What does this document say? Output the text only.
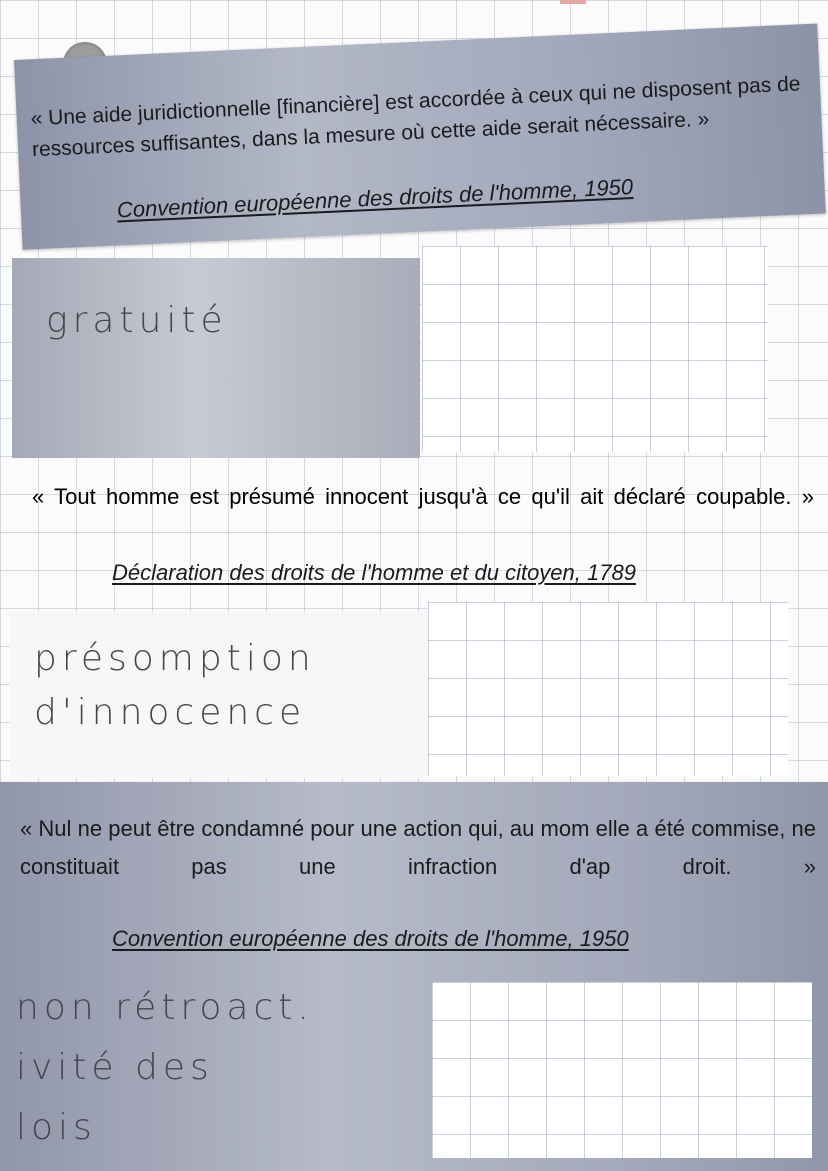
« Une aide juridictionnelle [financière] est accordée à ceux qui ne disposent pas de ressources suffisantes, dans la mesure où cette aide serait nécessaire. »

Convention européenne des droits de l'homme, 1950

gratuité

« Tout homme est présumé innocent jusqu'à ce qu'il ait déclaré coupable. »

Déclaration des droits de l'homme et du citoyen, 1789

présomption
d'innocence

« Nul ne peut être condamné pour une action qui, au mom elle a été commise, ne constituait pas une infraction d'ap droit. »

Convention européenne des droits de l'homme, 1950

non rétroact.
ivité des
lois
